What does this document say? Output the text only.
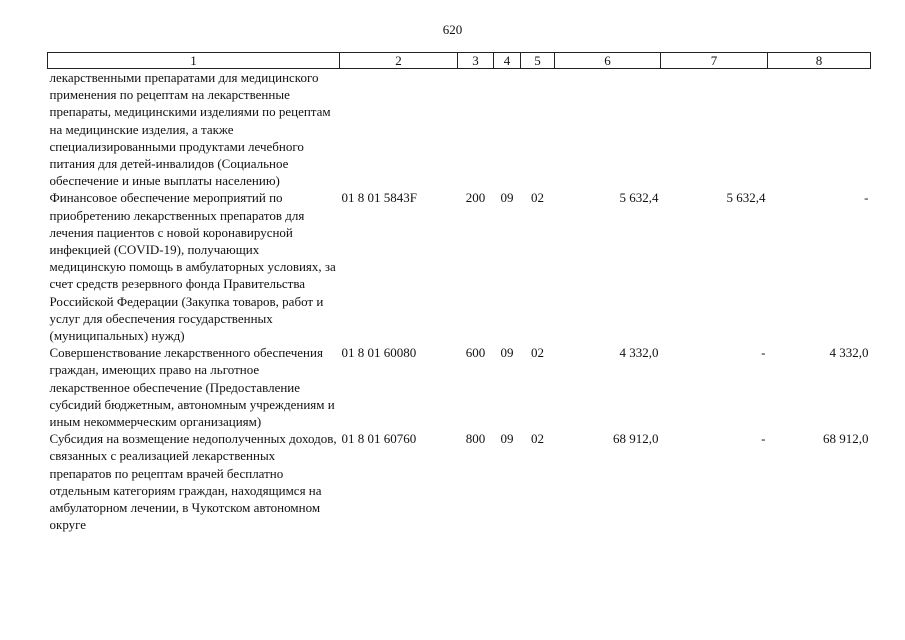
620
1	2	3	4	5	6	7	8
лекарственными препаратами для медицинского применения по рецептам на лекарственные препараты, медицинскими изделиями по рецептам на медицинские изделия, а также специализированными продуктами лечебного питания для детей-инвалидов (Социальное обеспечение и иные выплаты населению)							
Финансовое обеспечение мероприятий по приобретению лекарственных препаратов для лечения пациентов с новой коронавирусной инфекцией (COVID-19), получающих медицинскую помощь в амбулаторных условиях, за счет средств резервного фонда Правительства Российской Федерации (Закупка товаров, работ и услуг для обеспечения государственных (муниципальных) нужд)	01 8 01 5843F	200	09	02	5 632,4	5 632,4	-
Совершенствование лекарственного обеспечения граждан, имеющих право на льготное лекарственное обеспечение (Предоставление субсидий бюджетным, автономным учреждениям и иным некоммерческим организациям)	01 8 01 60080	600	09	02	4 332,0	-	4 332,0
Субсидия на возмещение недополученных доходов, связанных с реализацией лекарственных препаратов по рецептам врачей бесплатно отдельным категориям граждан, находящимся на амбулаторном лечении, в Чукотском автономном округе	01 8 01 60760	800	09	02	68 912,0	-	68 912,0
